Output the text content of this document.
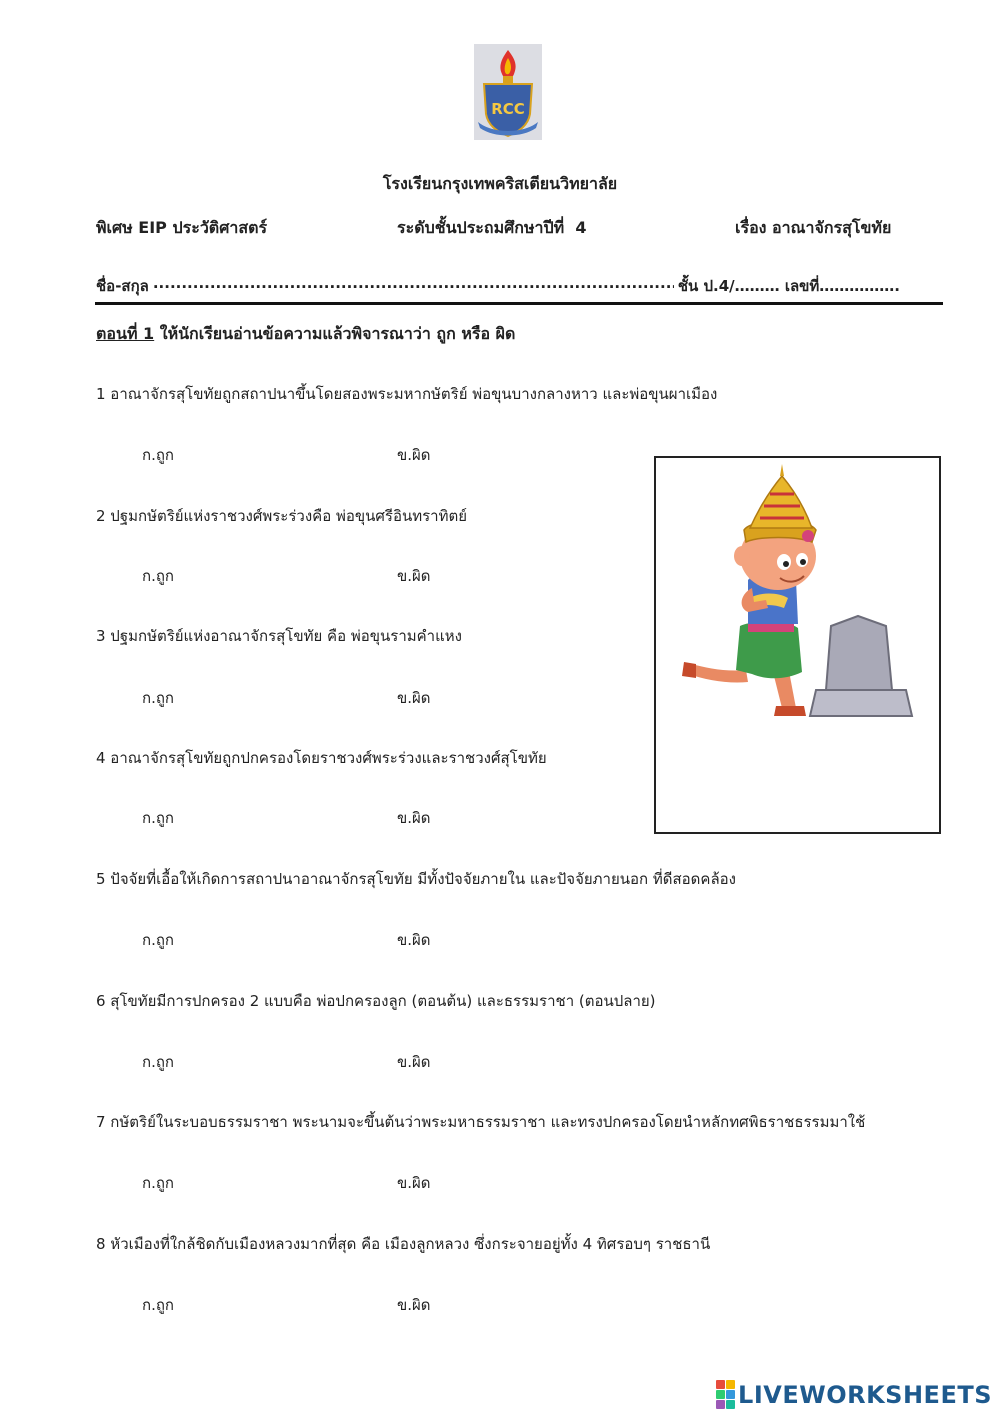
RCC
โรงเรียนกรุงเทพคริสเตียนวิทยาลัย
พิเศษ EIP ประวัติศาสตร์	ระดับชั้นประถมศึกษาปีที่  4	เรื่อง อาณาจักรสุโขทัย
ชื่อ-สกุล
.....	ชั้น ป.4/……… เลขที่…………….
ตอนที่ 1 ให้นักเรียนอ่านข้อความแล้วพิจารณาว่า ถูก หรือ ผิด
1 อาณาจักรสุโขทัยถูกสถาปนาขึ้นโดยสองพระมหากษัตริย์ พ่อขุนบางกลางหาว และพ่อขุนผาเมือง
ก.ถูก	ข.ผิด
2 ปฐมกษัตริย์แห่งราชวงศ์พระร่วงคือ พ่อขุนศรีอินทราทิตย์
ก.ถูก	ข.ผิด
3 ปฐมกษัตริย์แห่งอาณาจักรสุโขทัย คือ พ่อขุนรามคำแหง
ก.ถูก	ข.ผิด
4 อาณาจักรสุโขทัยถูกปกครองโดยราชวงศ์พระร่วงและราชวงศ์สุโขทัย
ก.ถูก	ข.ผิด
5 ปัจจัยที่เอื้อให้เกิดการสถาปนาอาณาจักรสุโขทัย มีทั้งปัจจัยภายใน และปัจจัยภายนอก ที่ดีสอดคล้อง
ก.ถูก	ข.ผิด
6 สุโขทัยมีการปกครอง 2 แบบคือ พ่อปกครองลูก (ตอนต้น) และธรรมราชา (ตอนปลาย)
ก.ถูก	ข.ผิด
7 กษัตริย์ในระบอบธรรมราชา พระนามจะขึ้นต้นว่าพระมหาธรรมราชา และทรงปกครองโดยนำหลักทศพิธราชธรรมมาใช้
ก.ถูก	ข.ผิด
8 หัวเมืองที่ใกล้ชิดกับเมืองหลวงมากที่สุด คือ เมืองลูกหลวง ซึ่งกระจายอยู่ทั้ง 4 ทิศรอบๆ ราชธานี
ก.ถูก	ข.ผิด
LIVEWORKSHEETS
